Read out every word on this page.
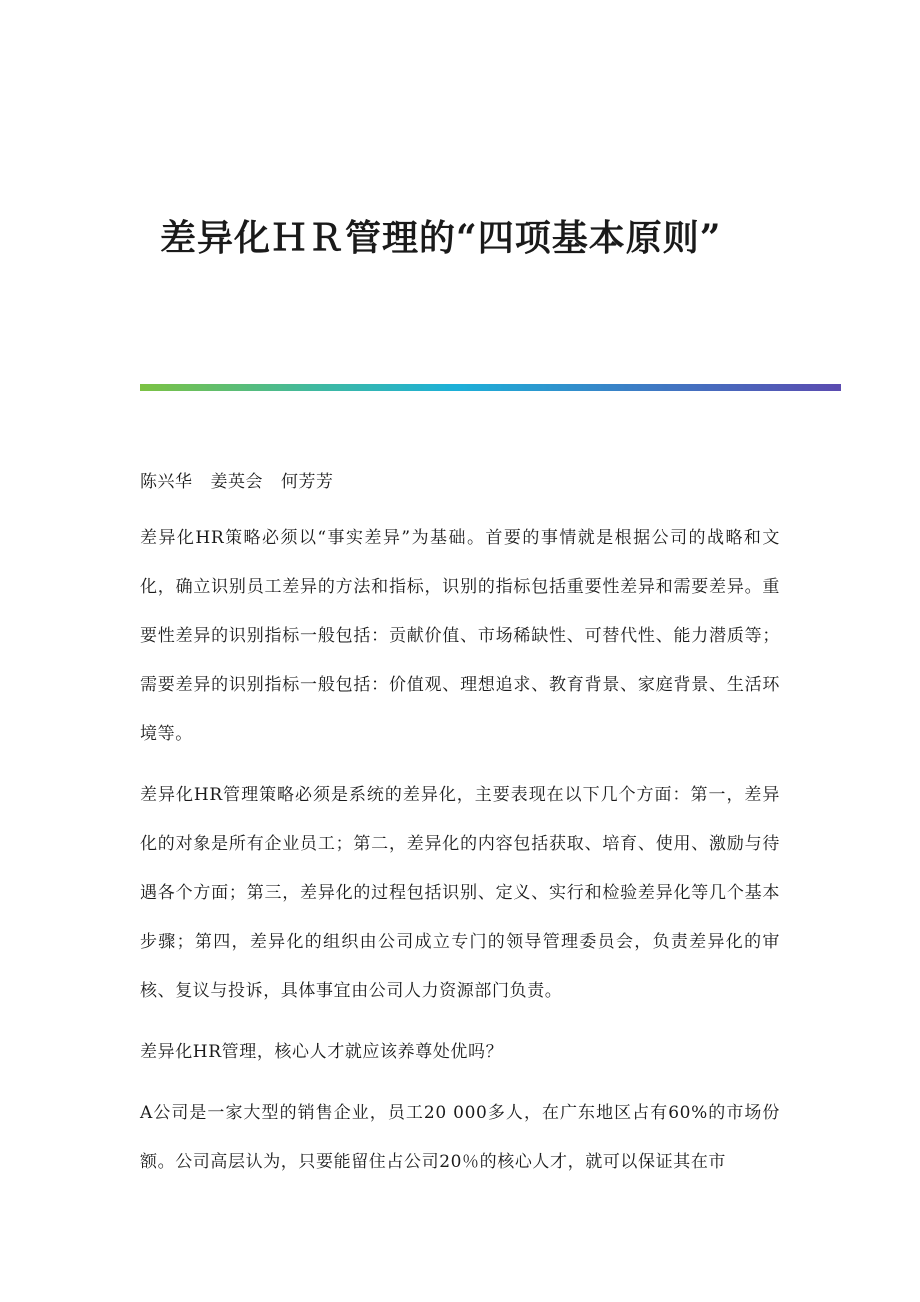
差异化ＨＲ管理的“四项基本原则”
陈兴华 姜英会 何芳芳

差异化HR策略必须以“事实差异”为基础。首要的事情就是根据公司的战略和文化，确立识别员工差异的方法和指标，识别的指标包括重要性差异和需要差异。重要性差异的识别指标一般包括：贡献价值、市场稀缺性、可替代性、能力潜质等；需要差异的识别指标一般包括：价值观、理想追求、教育背景、家庭背景、生活环境等。

差异化HR管理策略必须是系统的差异化，主要表现在以下几个方面：第一，差异化的对象是所有企业员工；第二，差异化的内容包括获取、培育、使用、激励与待遇各个方面；第三，差异化的过程包括识别、定义、实行和检验差异化等几个基本步骤；第四，差异化的组织由公司成立专门的领导管理委员会，负责差异化的审核、复议与投诉，具体事宜由公司人力资源部门负责。

差异化HR管理，核心人才就应该养尊处优吗？

A公司是一家大型的销售企业，员工20 000多人，在广东地区占有60%的市场份额。公司高层认为，只要能留住占公司20％的核心人才，就可以保证其在市
